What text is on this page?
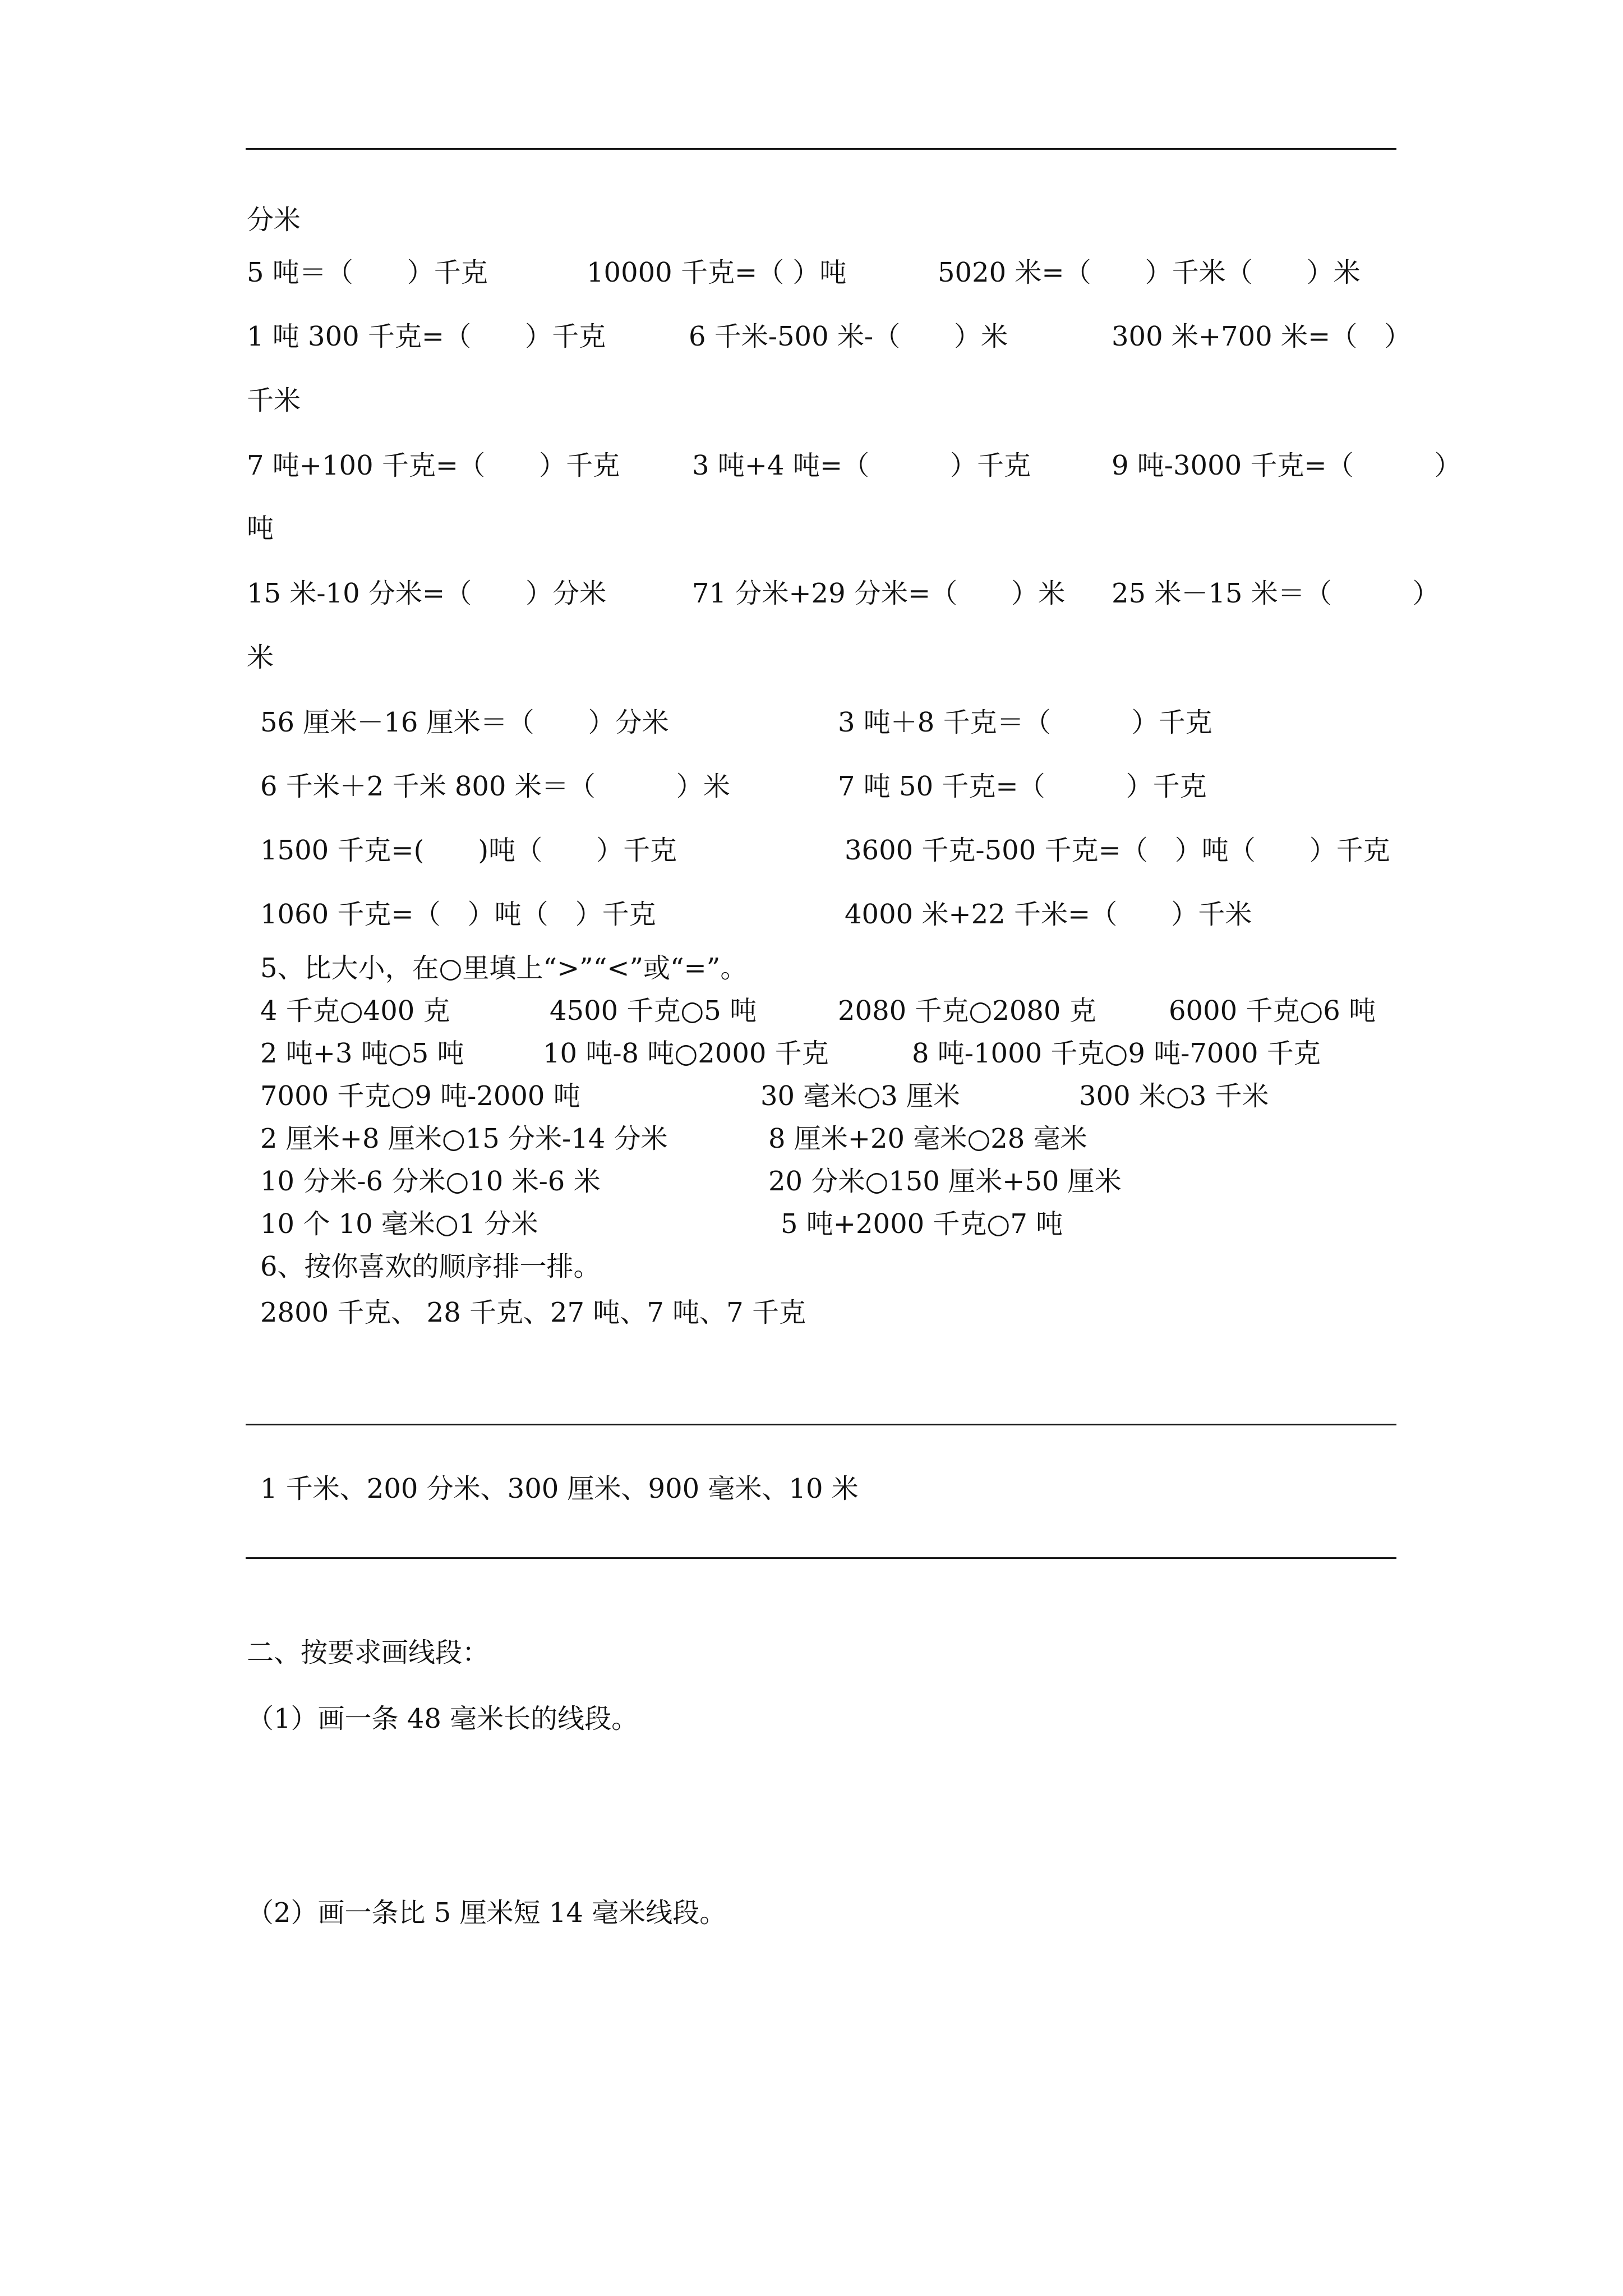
分米
5 吨＝（　　）千克	10000 千克=（ ）吨	5020 米=（　　）千米（　　）米
1 吨 300 千克=（　　）千克	6 千米-500 米-（　　）米	300 米+700 米=（　）
千米
7 吨+100 千克=（　　）千克	3 吨+4 吨=（　　　）千克	9 吨-3000 千克=（　　　）
吨
15 米-10 分米=（　　）分米	71 分米+29 分米=（　　）米 25 米－15 米＝（　　　）
米
56 厘米－16 厘米＝（　　）分米	3 吨＋8 千克＝（　　　）千克
6 千米＋2 千米 800 米＝（　　　）米	7 吨 50 千克=（　　　）千克
1500 千克=(　　)吨（　　）千克	3600 千克-500 千克=（　）吨（　　）千克
1060 千克=（　）吨（　）千克	4000 米+22 千米=（　　）千米
5、比大小，在○里填上“>”“<”或“=”。
4 千克○400 克	4500 千克○5 吨	2080 千克○2080 克	6000 千克○6 吨
2 吨+3 吨○5 吨	10 吨-8 吨○2000 千克	8 吨-1000 千克○9 吨-7000 千克
7000 千克○9 吨-2000 吨	30 毫米○3 厘米	300 米○3 千米
2 厘米+8 厘米○15 分米-14 分米	8 厘米+20 毫米○28 毫米
10 分米-6 分米○10 米-6 米	20 分米○150 厘米+50 厘米
10 个 10 毫米○1 分米	5 吨+2000 千克○7 吨
6、按你喜欢的顺序排一排。
2800 千克、 28 千克、27 吨、7 吨、7 千克
1 千米、200 分米、300 厘米、900 毫米、10 米
二、按要求画线段：
（1）画一条 48 毫米长的线段。
（2）画一条比 5 厘米短 14 毫米线段。
